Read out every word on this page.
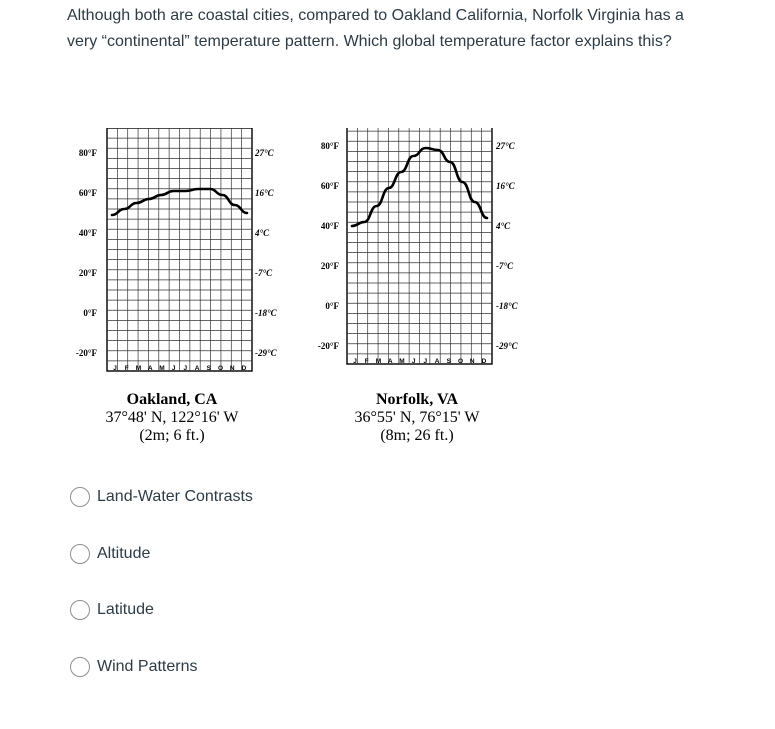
Although both are coastal cities, compared to Oakland California, Norfolk Virginia has a very “continental” temperature pattern. Which global temperature factor explains this?

80°F
60°F
40°F
20°F
0°F
-20°F
27°C
16°C
4°C
-7°C
-18°C
-29°C
J F M A M J J A S O N D
Oakland, CA
37°48' N, 122°16' W
(2m; 6 ft.)
80°F
60°F
40°F
20°F
0°F
-20°F
27°C
16°C
4°C
-7°C
-18°C
-29°C
J F M A M J J A S O N D
Norfolk, VA
36°55' N, 76°15' W
(8m; 26 ft.)
Land-Water Contrasts
Altitude
Latitude
Wind Patterns
